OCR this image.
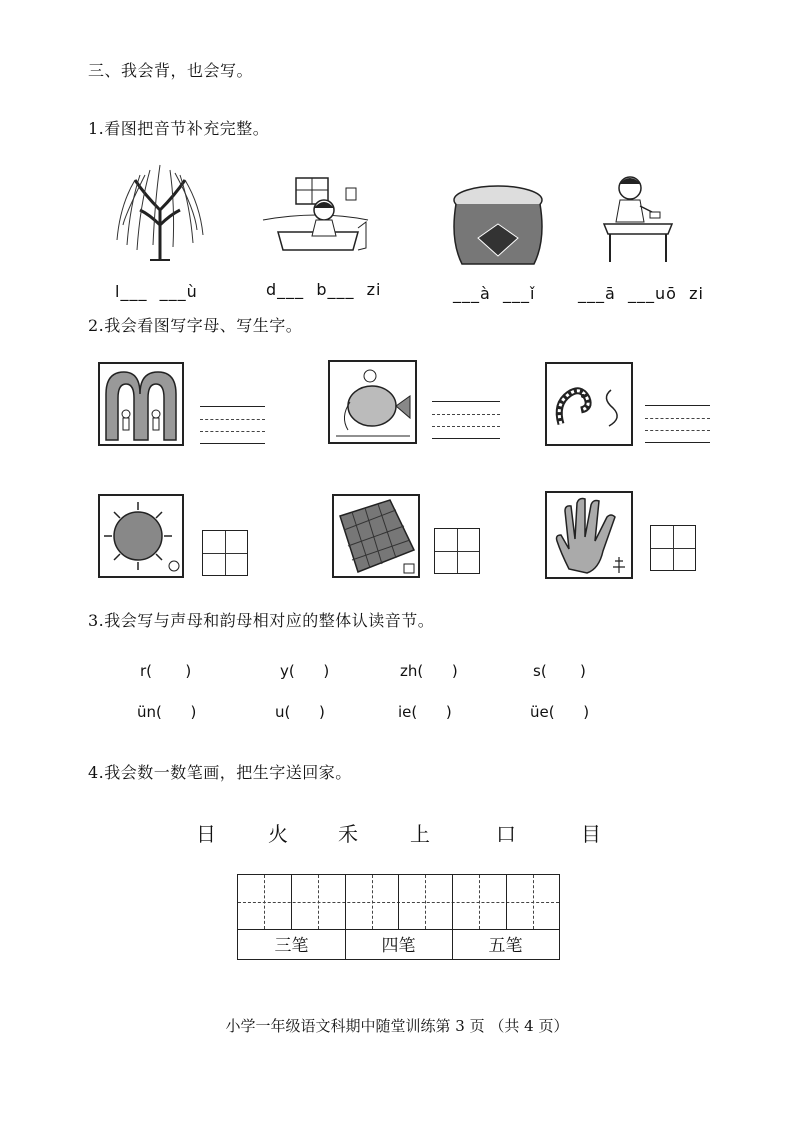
三、我会背，也会写。
1.看图把音节补充完整。
l___  ___ù	d___  b___  zi	___à  ___ǐ	___ā  ___uō  zi
2.我会看图写字母、写生字。
3.我会写与声母和韵母相对应的整体认读音节。
r(       )	y(      )	zh(      )	s(       )
ün(      )	u(      )	ie(      )	üe(      )
4.我会数一数笔画，把生字送回家。
日	火	禾	上	口	目
三笔	四笔	五笔
小学一年级语文科期中随堂训练第 3 页 （共 4 页）
